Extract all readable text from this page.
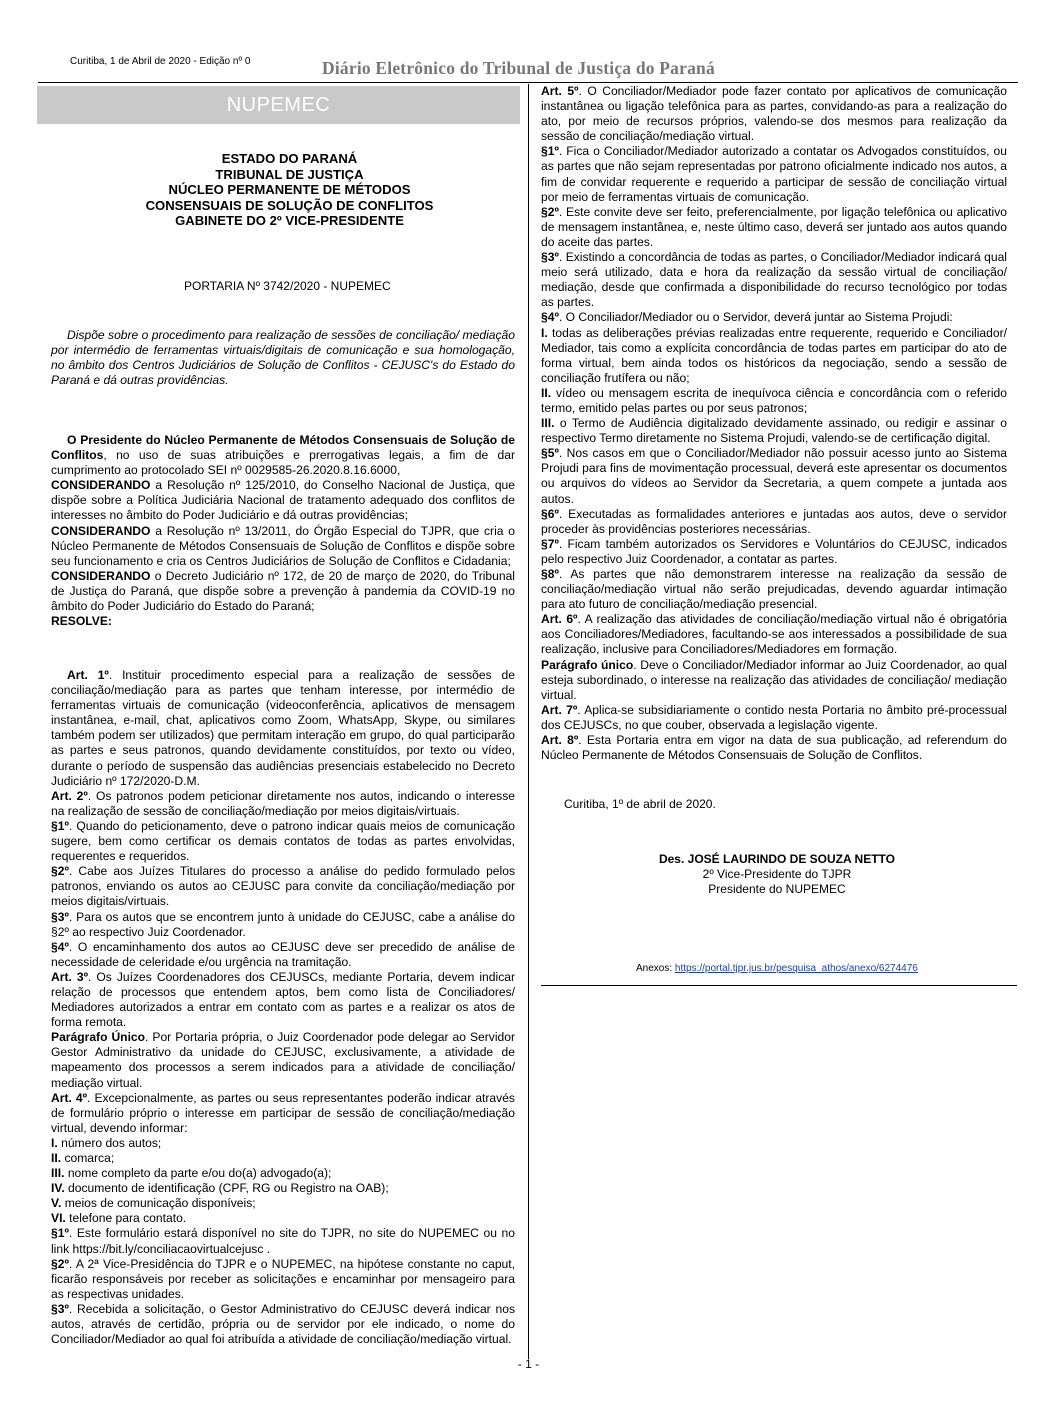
Curitiba, 1 de Abril de 2020 - Edição nº 0	Diário Eletrônico do Tribunal de Justiça do Paraná
NUPEMEC
ESTADO DO PARANÁ
TRIBUNAL DE JUSTIÇA
NÚCLEO PERMANENTE DE MÉTODOS
CONSENSUAIS DE SOLUÇÃO DE CONFLITOS
GABINETE DO 2º VICE-PRESIDENTE
PORTARIA Nº 3742/2020 - NUPEMEC
Dispõe sobre o procedimento para realização de sessões de conciliação/ mediação por intermédio de ferramentas virtuais/digitais de comunicação e sua homologação, no âmbito dos Centros Judiciários de Solução de Conflitos - CEJUSC's do Estado do Paraná e dá outras providências.

O Presidente do Núcleo Permanente de Métodos Consensuais de Solução de Conflitos, no uso de suas atribuições e prerrogativas legais, a fim de dar cumprimento ao protocolado SEI nº 0029585-26.2020.8.16.6000,

CONSIDERANDO a Resolução nº 125/2010, do Conselho Nacional de Justiça, que dispõe sobre a Política Judiciária Nacional de tratamento adequado dos conflitos de interesses no âmbito do Poder Judiciário e dá outras providências;

CONSIDERANDO a Resolução nº 13/2011, do Órgão Especial do TJPR, que cria o Núcleo Permanente de Métodos Consensuais de Solução de Conflitos e dispõe sobre seu funcionamento e cria os Centros Judiciários de Solução de Conflitos e Cidadania;

CONSIDERANDO o Decreto Judiciário nº 172, de 20 de março de 2020, do Tribunal de Justiça do Paraná, que dispõe sobre a prevenção à pandemia da COVID-19 no âmbito do Poder Judiciário do Estado do Paraná;

RESOLVE:

Art. 1º. Instituir procedimento especial para a realização de sessões de conciliação/mediação para as partes que tenham interesse, por intermédio de ferramentas virtuais de comunicação (videoconferência, aplicativos de mensagem instantânea, e-mail, chat, aplicativos como Zoom, WhatsApp, Skype, ou similares também podem ser utilizados) que permitam interação em grupo, do qual participarão as partes e seus patronos, quando devidamente constituídos, por texto ou vídeo, durante o período de suspensão das audiências presenciais estabelecido no Decreto Judiciário nº 172/2020-D.M.

Art. 2º. Os patronos podem peticionar diretamente nos autos, indicando o interesse na realização de sessão de conciliação/mediação por meios digitais/virtuais.

§1º. Quando do peticionamento, deve o patrono indicar quais meios de comunicação sugere, bem como certificar os demais contatos de todas as partes envolvidas, requerentes e requeridos.

§2º. Cabe aos Juízes Titulares do processo a análise do pedido formulado pelos patronos, enviando os autos ao CEJUSC para convite da conciliação/mediação por meios digitais/virtuais.

§3º. Para os autos que se encontrem junto à unidade do CEJUSC, cabe a análise do §2º ao respectivo Juiz Coordenador.

§4º. O encaminhamento dos autos ao CEJUSC deve ser precedido de análise de necessidade de celeridade e/ou urgência na tramitação.

Art. 3º. Os Juízes Coordenadores dos CEJUSCs, mediante Portaria, devem indicar relação de processos que entendem aptos, bem como lista de Conciliadores/ Mediadores autorizados a entrar em contato com as partes e a realizar os atos de forma remota.

Parágrafo Único. Por Portaria própria, o Juiz Coordenador pode delegar ao Servidor Gestor Administrativo da unidade do CEJUSC, exclusivamente, a atividade de mapeamento dos processos a serem indicados para a atividade de conciliação/ mediação virtual.

Art. 4º. Excepcionalmente, as partes ou seus representantes poderão indicar através de formulário próprio o interesse em participar de sessão de conciliação/mediação virtual, devendo informar:

I. número dos autos;

II. comarca;

III. nome completo da parte e/ou do(a) advogado(a);

IV. documento de identificação (CPF, RG ou Registro na OAB);

V. meios de comunicação disponíveis;

VI. telefone para contato.

§1º. Este formulário estará disponível no site do TJPR, no site do NUPEMEC ou no link https://bit.ly/conciliacaovirtualcejusc .

§2º. A 2ª Vice-Presidência do TJPR e o NUPEMEC, na hipótese constante no caput, ficarão responsáveis por receber as solicitações e encaminhar por mensageiro para as respectivas unidades.

§3º. Recebida a solicitação, o Gestor Administrativo do CEJUSC deverá indicar nos autos, através de certidão, própria ou de servidor por ele indicado, o nome do Conciliador/Mediador ao qual foi atribuída a atividade de conciliação/mediação virtual.

Art. 5º. O Conciliador/Mediador pode fazer contato por aplicativos de comunicação instantânea ou ligação telefônica para as partes, convidando-as para a realização do ato, por meio de recursos próprios, valendo-se dos mesmos para realização da sessão de conciliação/mediação virtual.

§1º. Fica o Conciliador/Mediador autorizado a contatar os Advogados constituídos, ou as partes que não sejam representadas por patrono oficialmente indicado nos autos, a fim de convidar requerente e requerido a participar de sessão de conciliação virtual por meio de ferramentas virtuais de comunicação.

§2º. Este convite deve ser feito, preferencialmente, por ligação telefônica ou aplicativo de mensagem instantânea, e, neste último caso, deverá ser juntado aos autos quando do aceite das partes.

§3º. Existindo a concordância de todas as partes, o Conciliador/Mediador indicará qual meio será utilizado, data e hora da realização da sessão virtual de conciliação/ mediação, desde que confirmada a disponibilidade do recurso tecnológico por todas as partes.

§4º. O Conciliador/Mediador ou o Servidor, deverá juntar ao Sistema Projudi:

I. todas as deliberações prévias realizadas entre requerente, requerido e Conciliador/ Mediador, tais como a explícita concordância de todas partes em participar do ato de forma virtual, bem ainda todos os históricos da negociação, sendo a sessão de conciliação frutífera ou não;

II. vídeo ou mensagem escrita de inequívoca ciência e concordância com o referido termo, emitido pelas partes ou por seus patronos;

III. o Termo de Audiência digitalizado devidamente assinado, ou redigir e assinar o respectivo Termo diretamente no Sistema Projudi, valendo-se de certificação digital.

§5º. Nos casos em que o Conciliador/Mediador não possuir acesso junto ao Sistema Projudi para fins de movimentação processual, deverá este apresentar os documentos ou arquivos do vídeos ao Servidor da Secretaria, a quem compete a juntada aos autos.

§6º. Executadas as formalidades anteriores e juntadas aos autos, deve o servidor proceder às providências posteriores necessárias.

§7º. Ficam também autorizados os Servidores e Voluntários do CEJUSC, indicados pelo respectivo Juiz Coordenador, a contatar as partes.

§8º. As partes que não demonstrarem interesse na realização da sessão de conciliação/mediação virtual não serão prejudicadas, devendo aguardar intimação para ato futuro de conciliação/mediação presencial.

Art. 6º. A realização das atividades de conciliação/mediação virtual não é obrigatória aos Conciliadores/Mediadores, facultando-se aos interessados a possibilidade de sua realização, inclusive para Conciliadores/Mediadores em formação.

Parágrafo único. Deve o Conciliador/Mediador informar ao Juiz Coordenador, ao qual esteja subordinado, o interesse na realização das atividades de conciliação/ mediação virtual.

Art. 7º. Aplica-se subsidiariamente o contido nesta Portaria no âmbito pré-processual dos CEJUSCs, no que couber, observada a legislação vigente.

Art. 8º. Esta Portaria entra em vigor na data de sua publicação, ad referendum do Núcleo Permanente de Métodos Consensuais de Solução de Conflitos.

Curitiba, 1º de abril de 2020.
Des. JOSÉ LAURINDO DE SOUZA NETTO
2º Vice-Presidente do TJPR
Presidente do NUPEMEC
Anexos: https://portal.tjpr.jus.br/pesquisa_athos/anexo/6274476
- 1 -
